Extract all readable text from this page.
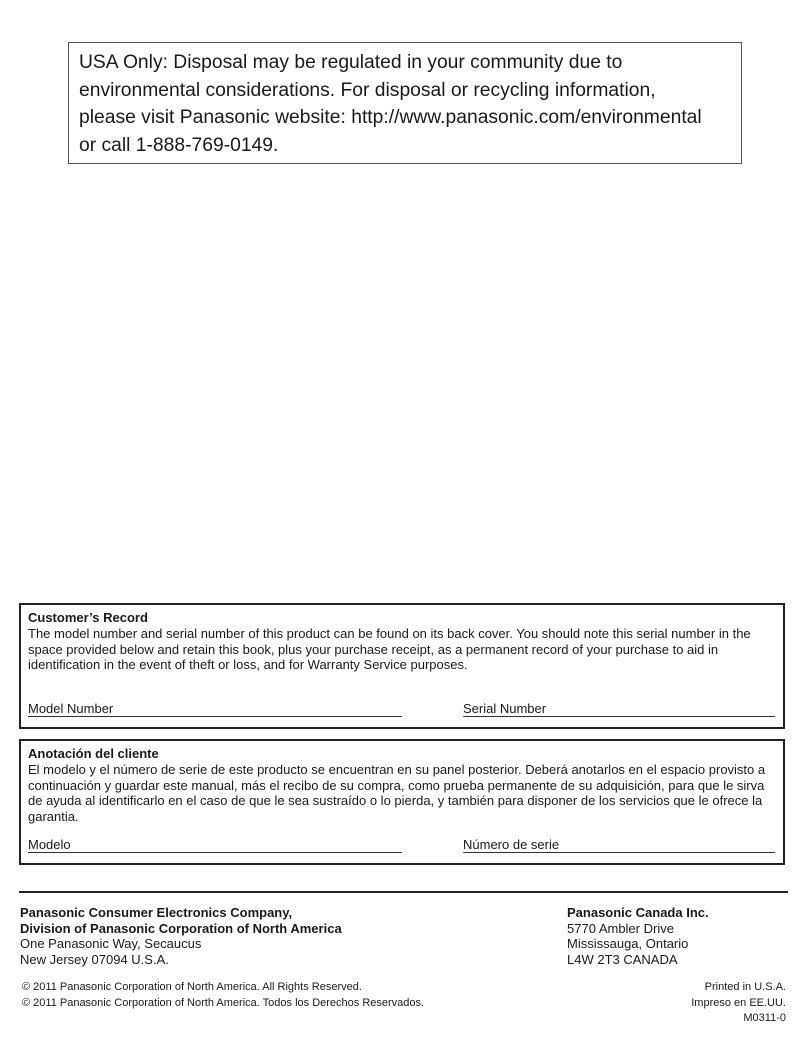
USA Only: Disposal may be regulated in your community due to

environmental considerations. For disposal or recycling information,

please visit Panasonic website: http://www.panasonic.com/environmental

or call 1-888-769-0149.

Customer’s Record

The model number and serial number of this product can be found on its back cover. You should note this serial number in the space provided below and retain this book, plus your purchase receipt, as a permanent record of your purchase to aid in identification in the event of theft or loss, and for Warranty Service purposes.

Model Number	Serial Number
Anotación del cliente

El modelo y el número de serie de este producto se encuentran en su panel posterior. Deberá anotarlos en el espacio provisto a continuación y guardar este manual, más el recibo de su compra, como prueba permanente de su adquisición, para que le sirva de ayuda al identificarlo en el caso de que le sea sustraído o lo pierda, y también para disponer de los servicios que le ofrece la garantia.

Modelo	Número de serie
Panasonic Consumer Electronics Company,
Division of Panasonic Corporation of North America
One Panasonic Way, Secaucus
New Jersey 07094 U.S.A.
Panasonic Canada Inc.
5770 Ambler Drive
Mississauga, Ontario
L4W 2T3 CANADA
© 2011 Panasonic Corporation of North America. All Rights Reserved.
© 2011 Panasonic Corporation of North America. Todos los Derechos Reservados.
Printed in U.S.A.
Impreso en EE.UU.
M0311-0
